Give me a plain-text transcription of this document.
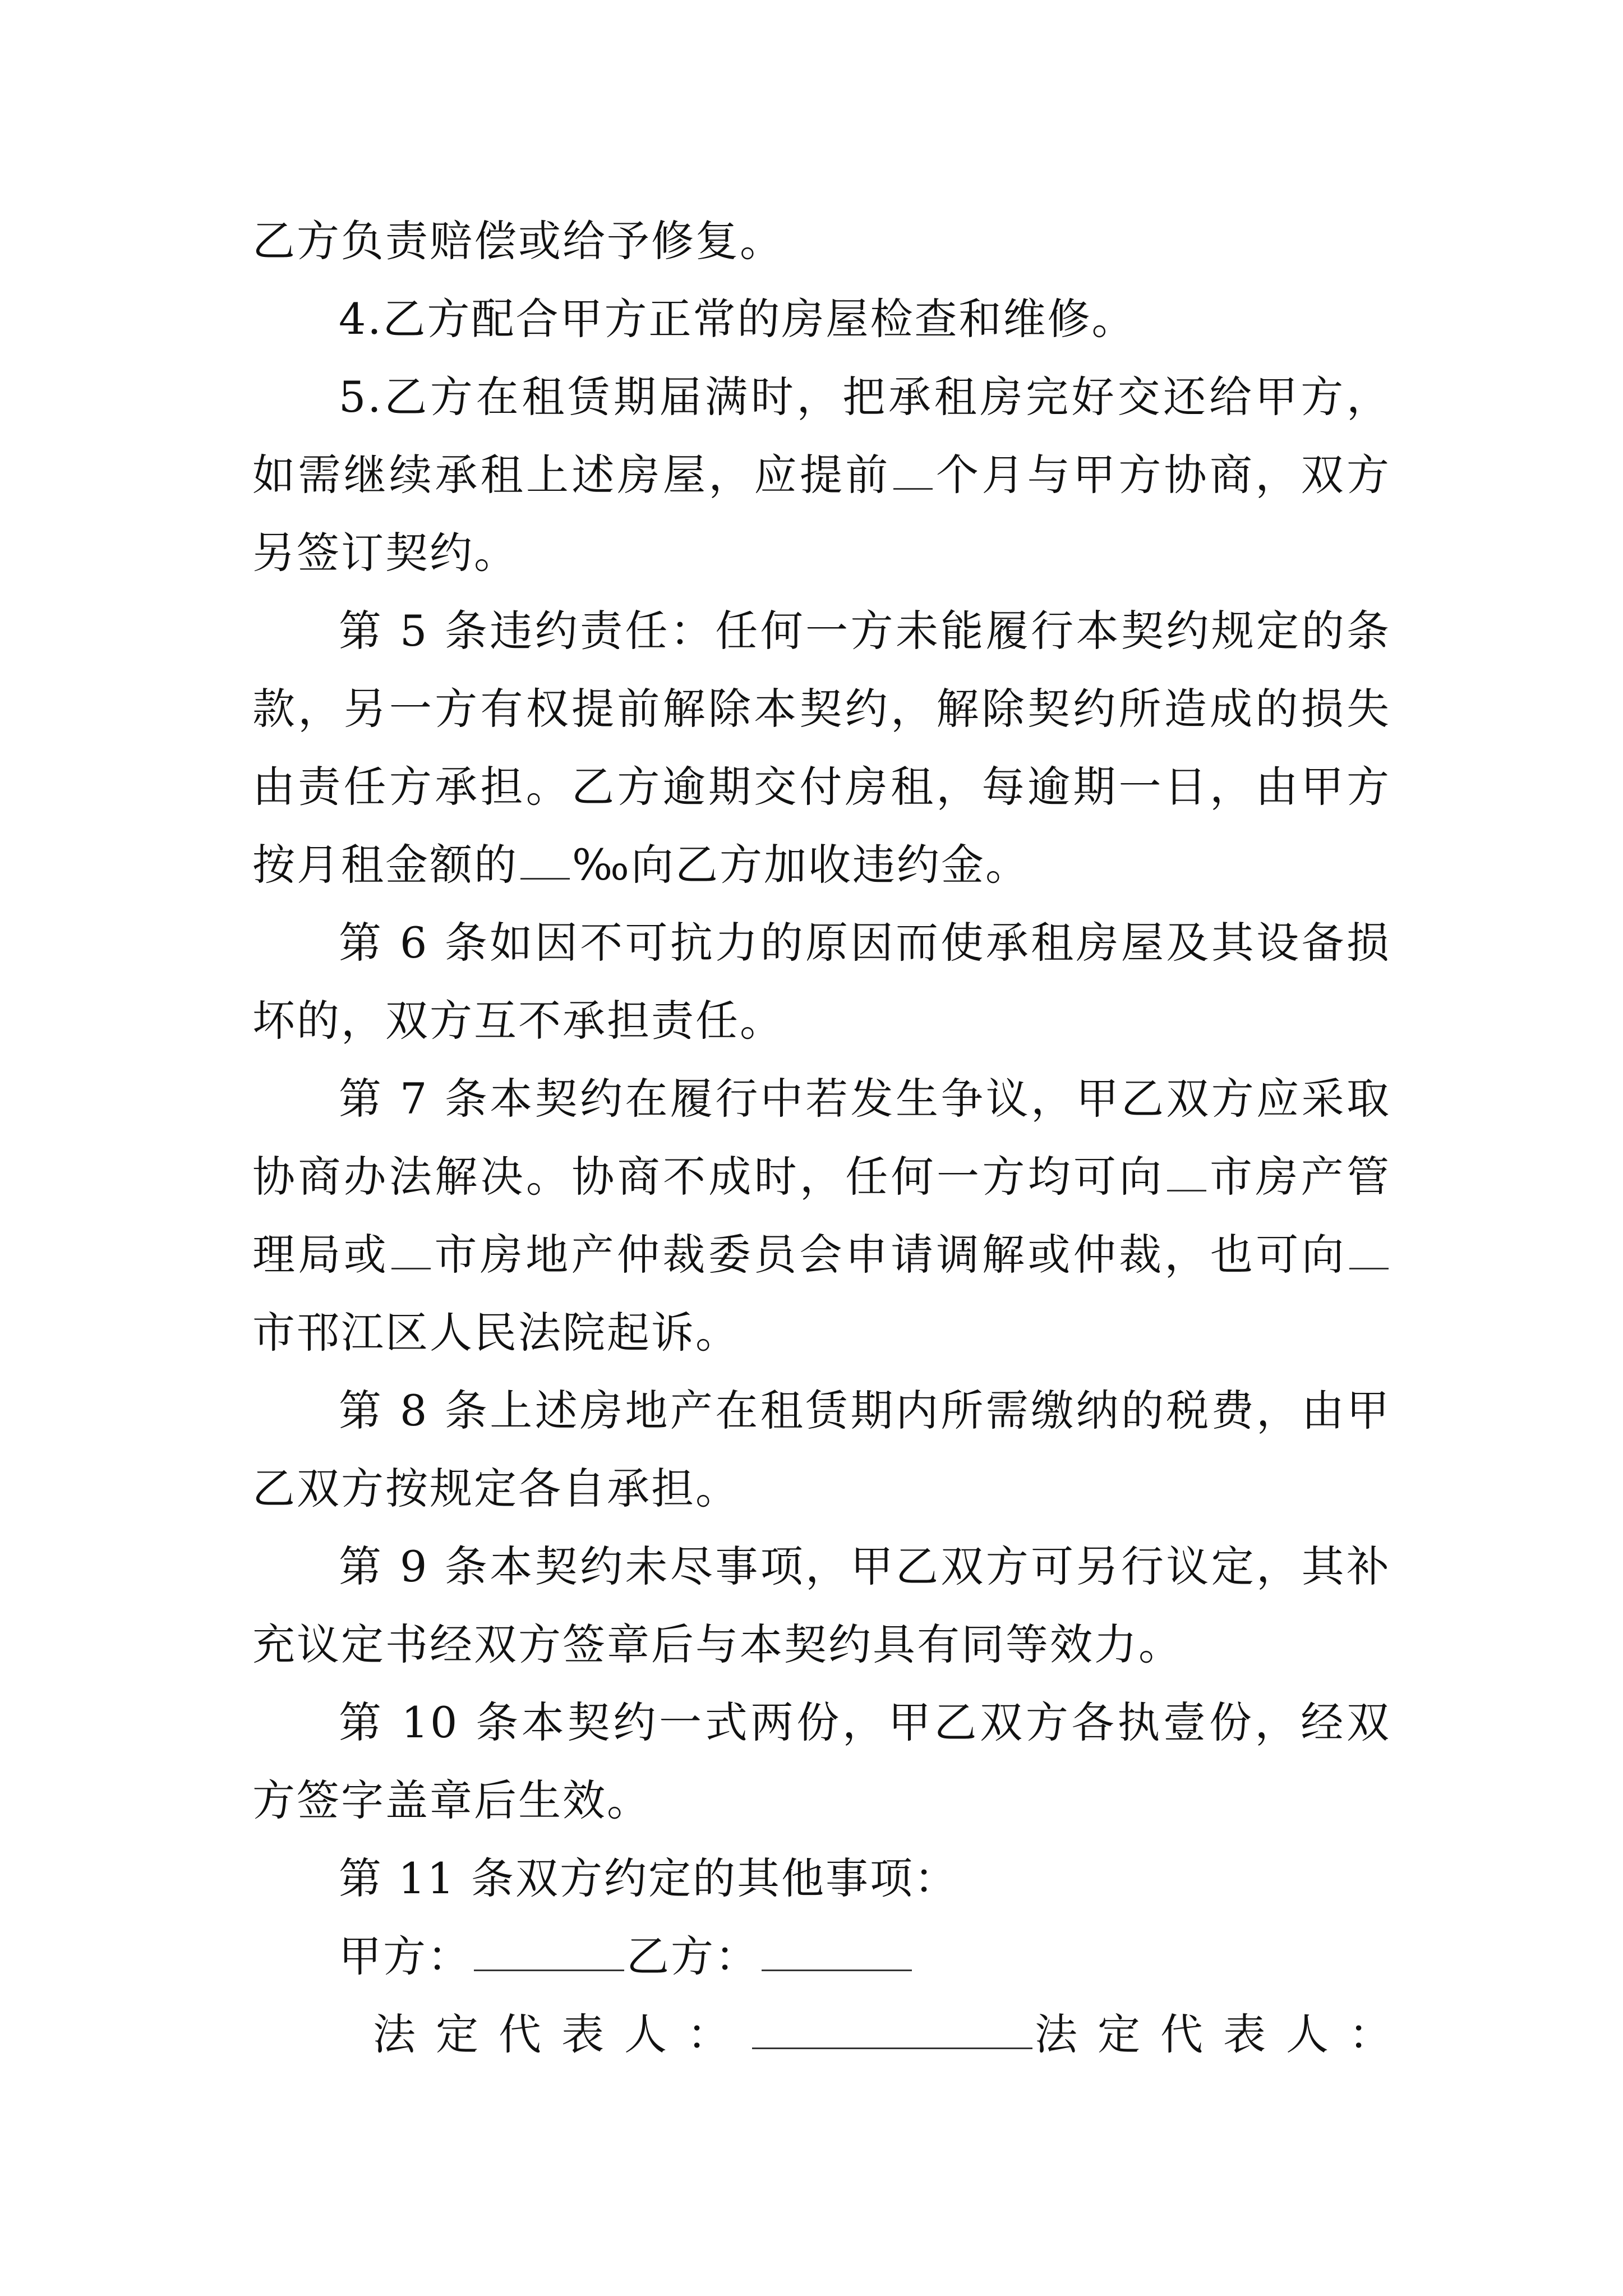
乙方负责赔偿或给予修复。

4.乙方配合甲方正常的房屋检查和维修。

5.乙方在租赁期届满时，把承租房完好交还给甲方，如需继续承租上述房屋，应提前 个月与甲方协商，双方另签订契约。

第 5 条违约责任：任何一方未能履行本契约规定的条款，另一方有权提前解除本契约，解除契约所造成的损失由责任方承担。乙方逾期交付房租，每逾期一日，由甲方按月租金额的 ‰向乙方加收违约金。

第 6 条如因不可抗力的原因而使承租房屋及其设备损坏的，双方互不承担责任。

第 7 条本契约在履行中若发生争议，甲乙双方应采取协商办法解决。协商不成时，任何一方均可向 市房产管理局或 市房地产仲裁委员会申请调解或仲裁，也可向市邗江区人民法院起诉。

第 8 条上述房地产在租赁期内所需缴纳的税费，由甲乙双方按规定各自承担。

第 9 条本契约未尽事项，甲乙双方可另行议定，其补充议定书经双方签章后与本契约具有同等效力。

第 10 条本契约一式两份，甲乙双方各执壹份，经双方签字盖章后生效。

第 11 条双方约定的其他事项：

甲方：	乙方：

法定代表人：	法定代表人：
